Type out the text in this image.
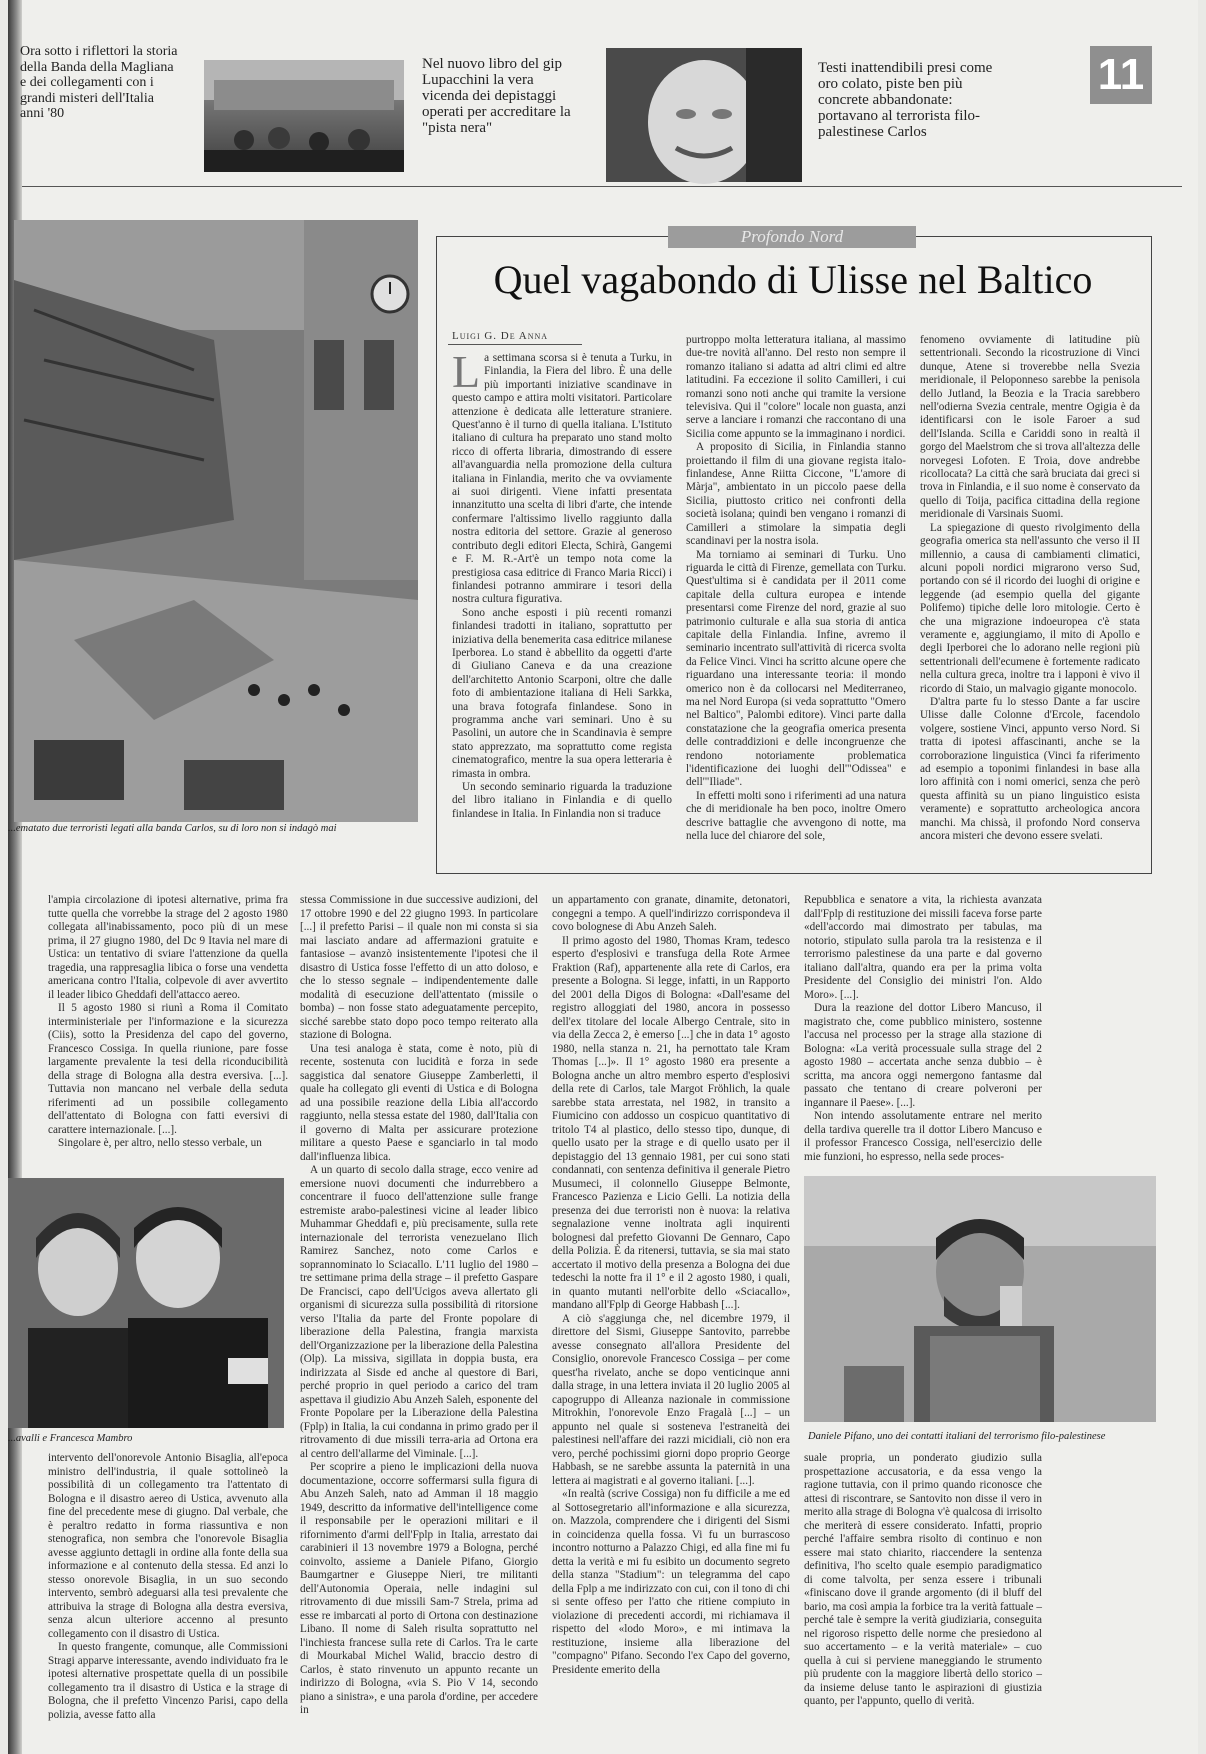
Ora sotto i riflettori la storia della Banda della Magliana e dei collegamenti con i grandi misteri dell'Italia anni '80
Nel nuovo libro del gip Lupacchini la vera vicenda dei depistaggi operati per accreditare la "pista nera"
Testi inattendibili presi come oro colato, piste ben più concrete abbandonate: portavano al terrorista filo-palestinese Carlos
11
...ematato due terroristi legati alla banda Carlos, su di loro non si indagò mai
Profondo Nord
Quel vagabondo di Ulisse nel Baltico
Luigi G. De Anna
L a settimana scorsa si è tenuta a Turku, in Finlandia, la Fiera del libro. È una delle più importanti iniziative scandinave in questo campo e attira molti visitatori. Particolare attenzione è dedicata alle letterature straniere. Quest'anno è il turno di quella italiana. L'Istituto italiano di cultura ha preparato uno stand molto ricco di offerta libraria, dimostrando di essere all'avanguardia nella promozione della cultura italiana in Finlandia, merito che va ovviamente ai suoi dirigenti. Viene infatti presentata innanzitutto una scelta di libri d'arte, che intende confermare l'altissimo livello raggiunto dalla nostra editoria del settore. Grazie al generoso contributo degli editori Electa, Schirà, Gangemi e F. M. R.-Art'è un tempo nota come la prestigiosa casa editrice di Franco Maria Ricci) i finlandesi potranno ammirare i tesori della nostra cultura figurativa.

Sono anche esposti i più recenti romanzi finlandesi tradotti in italiano, soprattutto per iniziativa della benemerita casa editrice milanese Iperborea. Lo stand è abbellito da oggetti d'arte di Giuliano Caneva e da una creazione dell'architetto Antonio Scarponi, oltre che dalle foto di ambientazione italiana di Heli Sarkka, una brava fotografa finlandese. Sono in programma anche vari seminari. Uno è su Pasolini, un autore che in Scandinavia è sempre stato apprezzato, ma soprattutto come regista cinematografico, mentre la sua opera letteraria è rimasta in ombra.

Un secondo seminario riguarda la traduzione del libro italiano in Finlandia e di quello finlandese in Italia. In Finlandia non si traduce

purtroppo molta letteratura italiana, al massimo due-tre novità all'anno. Del resto non sempre il romanzo italiano si adatta ad altri climi ed altre latitudini. Fa eccezione il solito Camilleri, i cui romanzi sono noti anche qui tramite la versione televisiva. Qui il "colore" locale non guasta, anzi serve a lanciare i romanzi che raccontano di una Sicilia come appunto se la immaginano i nordici.

A proposito di Sicilia, in Finlandia stanno proiettando il film di una giovane regista italo-finlandese, Anne Riitta Ciccone, "L'amore di Màrja", ambientato in un piccolo paese della Sicilia, piuttosto critico nei confronti della società isolana; quindi ben vengano i romanzi di Camilleri a stimolare la simpatia degli scandinavi per la nostra isola.

Ma torniamo ai seminari di Turku. Uno riguarda le città di Firenze, gemellata con Turku. Quest'ultima si è candidata per il 2011 come capitale della cultura europea e intende presentarsi come Firenze del nord, grazie al suo patrimonio culturale e alla sua storia di antica capitale della Finlandia. Infine, avremo il seminario incentrato sull'attività di ricerca svolta da Felice Vinci. Vinci ha scritto alcune opere che riguardano una interessante teoria: il mondo omerico non è da collocarsi nel Mediterraneo, ma nel Nord Europa (si veda soprattutto "Omero nel Baltico", Palombi editore). Vinci parte dalla constatazione che la geografia omerica presenta delle contraddizioni e delle incongruenze che rendono notoriamente problematica l'identificazione dei luoghi dell'"Odissea" e dell'"Iliade".

In effetti molti sono i riferimenti ad una natura che di meridionale ha ben poco, inoltre Omero descrive battaglie che avvengono di notte, ma nella luce del chiarore del sole,

fenomeno ovviamente di latitudine più settentrionali. Secondo la ricostruzione di Vinci dunque, Atene si troverebbe nella Svezia meridionale, il Peloponneso sarebbe la penisola dello Jutland, la Beozia e la Tracia sarebbero nell'odierna Svezia centrale, mentre Ogigia è da identificarsi con le isole Faroer a sud dell'Islanda. Scilla e Cariddi sono in realtà il gorgo del Maelstrom che si trova all'altezza delle norvegesi Lofoten. E Troia, dove andrebbe ricollocata? La città che sarà bruciata dai greci si trova in Finlandia, e il suo nome è conservato da quello di Toija, pacifica cittadina della regione meridionale di Varsinais Suomi.

La spiegazione di questo rivolgimento della geografia omerica sta nell'assunto che verso il II millennio, a causa di cambiamenti climatici, alcuni popoli nordici migrarono verso Sud, portando con sé il ricordo dei luoghi di origine e leggende (ad esempio quella del gigante Polifemo) tipiche delle loro mitologie. Certo è che una migrazione indoeuropea c'è stata veramente e, aggiungiamo, il mito di Apollo e degli Iperborei che lo adorano nelle regioni più settentrionali dell'ecumene è fortemente radicato nella cultura greca, inoltre tra i lapponi è vivo il ricordo di Staio, un malvagio gigante monocolo.

D'altra parte fu lo stesso Dante a far uscire Ulisse dalle Colonne d'Ercole, facendolo volgere, sostiene Vinci, appunto verso Nord. Si tratta di ipotesi affascinanti, anche se la corroborazione linguistica (Vinci fa riferimento ad esempio a toponimi finlandesi in base alla loro affinità con i nomi omerici, senza che però questa affinità su un piano linguistico esista veramente) e soprattutto archeologica ancora manchi. Ma chissà, il profondo Nord conserva ancora misteri che devono essere svelati.

l'ampia circolazione di ipotesi alternative, prima fra tutte quella che vorrebbe la strage del 2 agosto 1980 collegata all'inabissamento, poco più di un mese prima, il 27 giugno 1980, del Dc 9 Itavia nel mare di Ustica: un tentativo di sviare l'attenzione da quella tragedia, una rappresaglia libica o forse una vendetta americana contro l'Italia, colpevole di aver avvertito il leader libico Gheddafi dell'attacco aereo.

Il 5 agosto 1980 si riunì a Roma il Comitato interministeriale per l'informazione e la sicurezza (Ciis), sotto la Presidenza del capo del governo, Francesco Cossiga. In quella riunione, pare fosse largamente prevalente la tesi della riconducibilità della strage di Bologna alla destra eversiva. [...]. Tuttavia non mancano nel verbale della seduta riferimenti ad un possibile collegamento dell'attentato di Bologna con fatti eversivi di carattere internazionale. [...].

Singolare è, per altro, nello stesso verbale, un

...avalli e Francesca Mambro

intervento dell'onorevole Antonio Bisaglia, all'epoca ministro dell'industria, il quale sottolineò la possibilità di un collegamento tra l'attentato di Bologna e il disastro aereo di Ustica, avvenuto alla fine del precedente mese di giugno. Dal verbale, che è peraltro redatto in forma riassuntiva e non stenografica, non sembra che l'onorevole Bisaglia avesse aggiunto dettagli in ordine alla fonte della sua informazione e al contenuto della stessa. Ed anzi lo stesso onorevole Bisaglia, in un suo secondo intervento, sembrò adeguarsi alla tesi prevalente che attribuiva la strage di Bologna alla destra eversiva, senza alcun ulteriore accenno al presunto collegamento con il disastro di Ustica.

In questo frangente, comunque, alle Commissioni Stragi apparve interessante, avendo individuato fra le ipotesi alternative prospettate quella di un possibile collegamento tra il disastro di Ustica e la strage di Bologna, che il prefetto Vincenzo Parisi, capo della polizia, avesse fatto alla

stessa Commissione in due successive audizioni, del 17 ottobre 1990 e del 22 giugno 1993. In particolare [...] il prefetto Parisi – il quale non mi consta si sia mai lasciato andare ad affermazioni gratuite e fantasiose – avanzò insistentemente l'ipotesi che il disastro di Ustica fosse l'effetto di un atto doloso, e che lo stesso segnale – indipendentemente dalle modalità di esecuzione dell'attentato (missile o bomba) – non fosse stato adeguatamente percepito, sicché sarebbe stato dopo poco tempo reiterato alla stazione di Bologna.

Una tesi analoga è stata, come è noto, più di recente, sostenuta con lucidità e forza in sede saggistica dal senatore Giuseppe Zamberletti, il quale ha collegato gli eventi di Ustica e di Bologna ad una possibile reazione della Libia all'accordo raggiunto, nella stessa estate del 1980, dall'Italia con il governo di Malta per assicurare protezione militare a questo Paese e sganciarlo in tal modo dall'influenza libica.

A un quarto di secolo dalla strage, ecco venire ad emersione nuovi documenti che indurrebbero a concentrare il fuoco dell'attenzione sulle frange estremiste arabo-palestinesi vicine al leader libico Muhammar Gheddafi e, più precisamente, sulla rete internazionale del terrorista venezuelano Ilich Ramirez Sanchez, noto come Carlos e soprannominato lo Sciacallo. L'11 luglio del 1980 – tre settimane prima della strage – il prefetto Gaspare De Francisci, capo dell'Ucigos aveva allertato gli organismi di sicurezza sulla possibilità di ritorsione verso l'Italia da parte del Fronte popolare di liberazione della Palestina, frangia marxista dell'Organizzazione per la liberazione della Palestina (Olp). La missiva, sigillata in doppia busta, era indirizzata al Sisde ed anche al questore di Bari, perché proprio in quel periodo a carico del tram aspettava il giudizio Abu Anzeh Saleh, esponente del Fronte Popolare per la Liberazione della Palestina (Fplp) in Italia, la cui condanna in primo grado per il ritrovamento di due missili terra-aria ad Ortona era al centro dell'allarme del Viminale. [...].

Per scoprire a pieno le implicazioni della nuova documentazione, occorre soffermarsi sulla figura di Abu Anzeh Saleh, nato ad Amman il 18 maggio 1949, descritto da informative dell'intelligence come il responsabile per le operazioni militari e il rifornimento d'armi dell'Fplp in Italia, arrestato dai carabinieri il 13 novembre 1979 a Bologna, perché coinvolto, assieme a Daniele Pifano, Giorgio Baumgartner e Giuseppe Nieri, tre militanti dell'Autonomia Operaia, nelle indagini sul ritrovamento di due missili Sam-7 Strela, prima ad esse re imbarcati al porto di Ortona con destinazione Libano. Il nome di Saleh risulta soprattutto nel l'inchiesta francese sulla rete di Carlos. Tra le carte di Mourkabal Michel Walid, braccio destro di Carlos, è stato rinvenuto un appunto recante un indirizzo di Bologna, «via S. Pio V 14, secondo piano a sinistra», e una parola d'ordine, per accedere in

un appartamento con granate, dinamite, detonatori, congegni a tempo. A quell'indirizzo corrispondeva il covo bolognese di Abu Anzeh Saleh.

Il primo agosto del 1980, Thomas Kram, tedesco esperto d'esplosivi e transfuga della Rote Armee Fraktion (Raf), appartenente alla rete di Carlos, era presente a Bologna. Si legge, infatti, in un Rapporto del 2001 della Digos di Bologna: «Dall'esame del registro alloggiati del 1980, ancora in possesso dell'ex titolare del locale Albergo Centrale, sito in via della Zecca 2, è emerso [...] che in data 1° agosto 1980, nella stanza n. 21, ha pernottato tale Kram Thomas [...]». Il 1° agosto 1980 era presente a Bologna anche un altro membro esperto d'esplosivi della rete di Carlos, tale Margot Fröhlich, la quale sarebbe stata arrestata, nel 1982, in transito a Fiumicino con addosso un cospicuo quantitativo di tritolo T4 al plastico, dello stesso tipo, dunque, di quello usato per la strage e di quello usato per il depistaggio del 13 gennaio 1981, per cui sono stati condannati, con sentenza definitiva il generale Pietro Musumeci, il colonnello Giuseppe Belmonte, Francesco Pazienza e Licio Gelli. La notizia della presenza dei due terroristi non è nuova: la relativa segnalazione venne inoltrata agli inquirenti bolognesi dal prefetto Giovanni De Gennaro, Capo della Polizia. È da ritenersi, tuttavia, se sia mai stato accertato il motivo della presenza a Bologna dei due tedeschi la notte fra il 1° e il 2 agosto 1980, i quali, in quanto mutanti nell'orbite dello «Sciacallo», mandano all'Fplp di George Habbash [...].

A ciò s'aggiunga che, nel dicembre 1979, il direttore del Sismi, Giuseppe Santovito, parrebbe avesse consegnato all'allora Presidente del Consiglio, onorevole Francesco Cossiga – per come quest'ha rivelato, anche se dopo venticinque anni dalla strage, in una lettera inviata il 20 luglio 2005 al capogruppo di Alleanza nazionale in commissione Mitrokhin, l'onorevole Enzo Fragalà [...] – un appunto nel quale si sosteneva l'estraneità dei palestinesi nell'affare dei razzi micidiali, ciò non era vero, perché pochissimi giorni dopo proprio George Habbash, se ne sarebbe assunta la paternità in una lettera ai magistrati e al governo italiani. [...].

«In realtà (scrive Cossiga) non fu difficile a me ed al Sottosegretario all'informazione e alla sicurezza, on. Mazzola, comprendere che i dirigenti del Sismi in coincidenza quella fossa. Vi fu un burrascoso incontro notturno a Palazzo Chigi, ed alla fine mi fu detta la verità e mi fu esibito un documento segreto della stanza "Stadium": un telegramma del capo della Fplp a me indirizzato con cui, con il tono di chi si sente offeso per l'atto che ritiene compiuto in violazione di precedenti accordi, mi richiamava il rispetto del «lodo Moro», e mi intimava la restituzione, insieme alla liberazione del "compagno" Pifano. Secondo l'ex Capo del governo, Presidente emerito della

Repubblica e senatore a vita, la richiesta avanzata dall'Fplp di restituzione dei missili faceva forse parte «dell'accordo mai dimostrato per tabulas, ma notorio, stipulato sulla parola tra la resistenza e il terrorismo palestinese da una parte e dal governo italiano dall'altra, quando era per la prima volta Presidente del Consiglio dei ministri l'on. Aldo Moro». [...].

Dura la reazione del dottor Libero Mancuso, il magistrato che, come pubblico ministero, sostenne l'accusa nel processo per la strage alla stazione di Bologna: «La verità processuale sulla strage del 2 agosto 1980 – accertata anche senza dubbio – è scritta, ma ancora oggi nemergono fantasme dal passato che tentano di creare polveroni per ingannare il Paese». [...].

Non intendo assolutamente entrare nel merito della tardiva querelle tra il dottor Libero Mancuso e il professor Francesco Cossiga, nell'esercizio delle mie funzioni, ho espresso, nella sede proces-

Daniele Pifano, uno dei contatti italiani del terrorismo filo-palestinese

suale propria, un ponderato giudizio sulla prospettazione accusatoria, e da essa vengo la ragione tuttavia, con il primo quando riconosce che attesi di riscontrare, se Santovito non disse il vero in merito alla strage di Bologna v'è qualcosa di irrisolto che meriterà di essere considerato. Infatti, proprio perché l'affaire sembra risolto di continuo e non essere mai stato chiarito, riaccendere la sentenza definitiva, l'ho scelto quale esempio paradigmatico di come talvolta, per senza essere i tribunali «finiscano dove il grande argomento (di il bluff del bario, ma così ampia la forbice tra la verità fattuale – perché tale è sempre la verità giudiziaria, conseguita nel rigoroso rispetto delle norme che presiedono al suo accertamento – e la verità materiale» – cuo quella à cui si perviene maneggiando le strumento più prudente con la maggiore libertà dello storico – da insieme deluse tanto le aspirazioni di giustizia quanto, per l'appunto, quello di verità.
